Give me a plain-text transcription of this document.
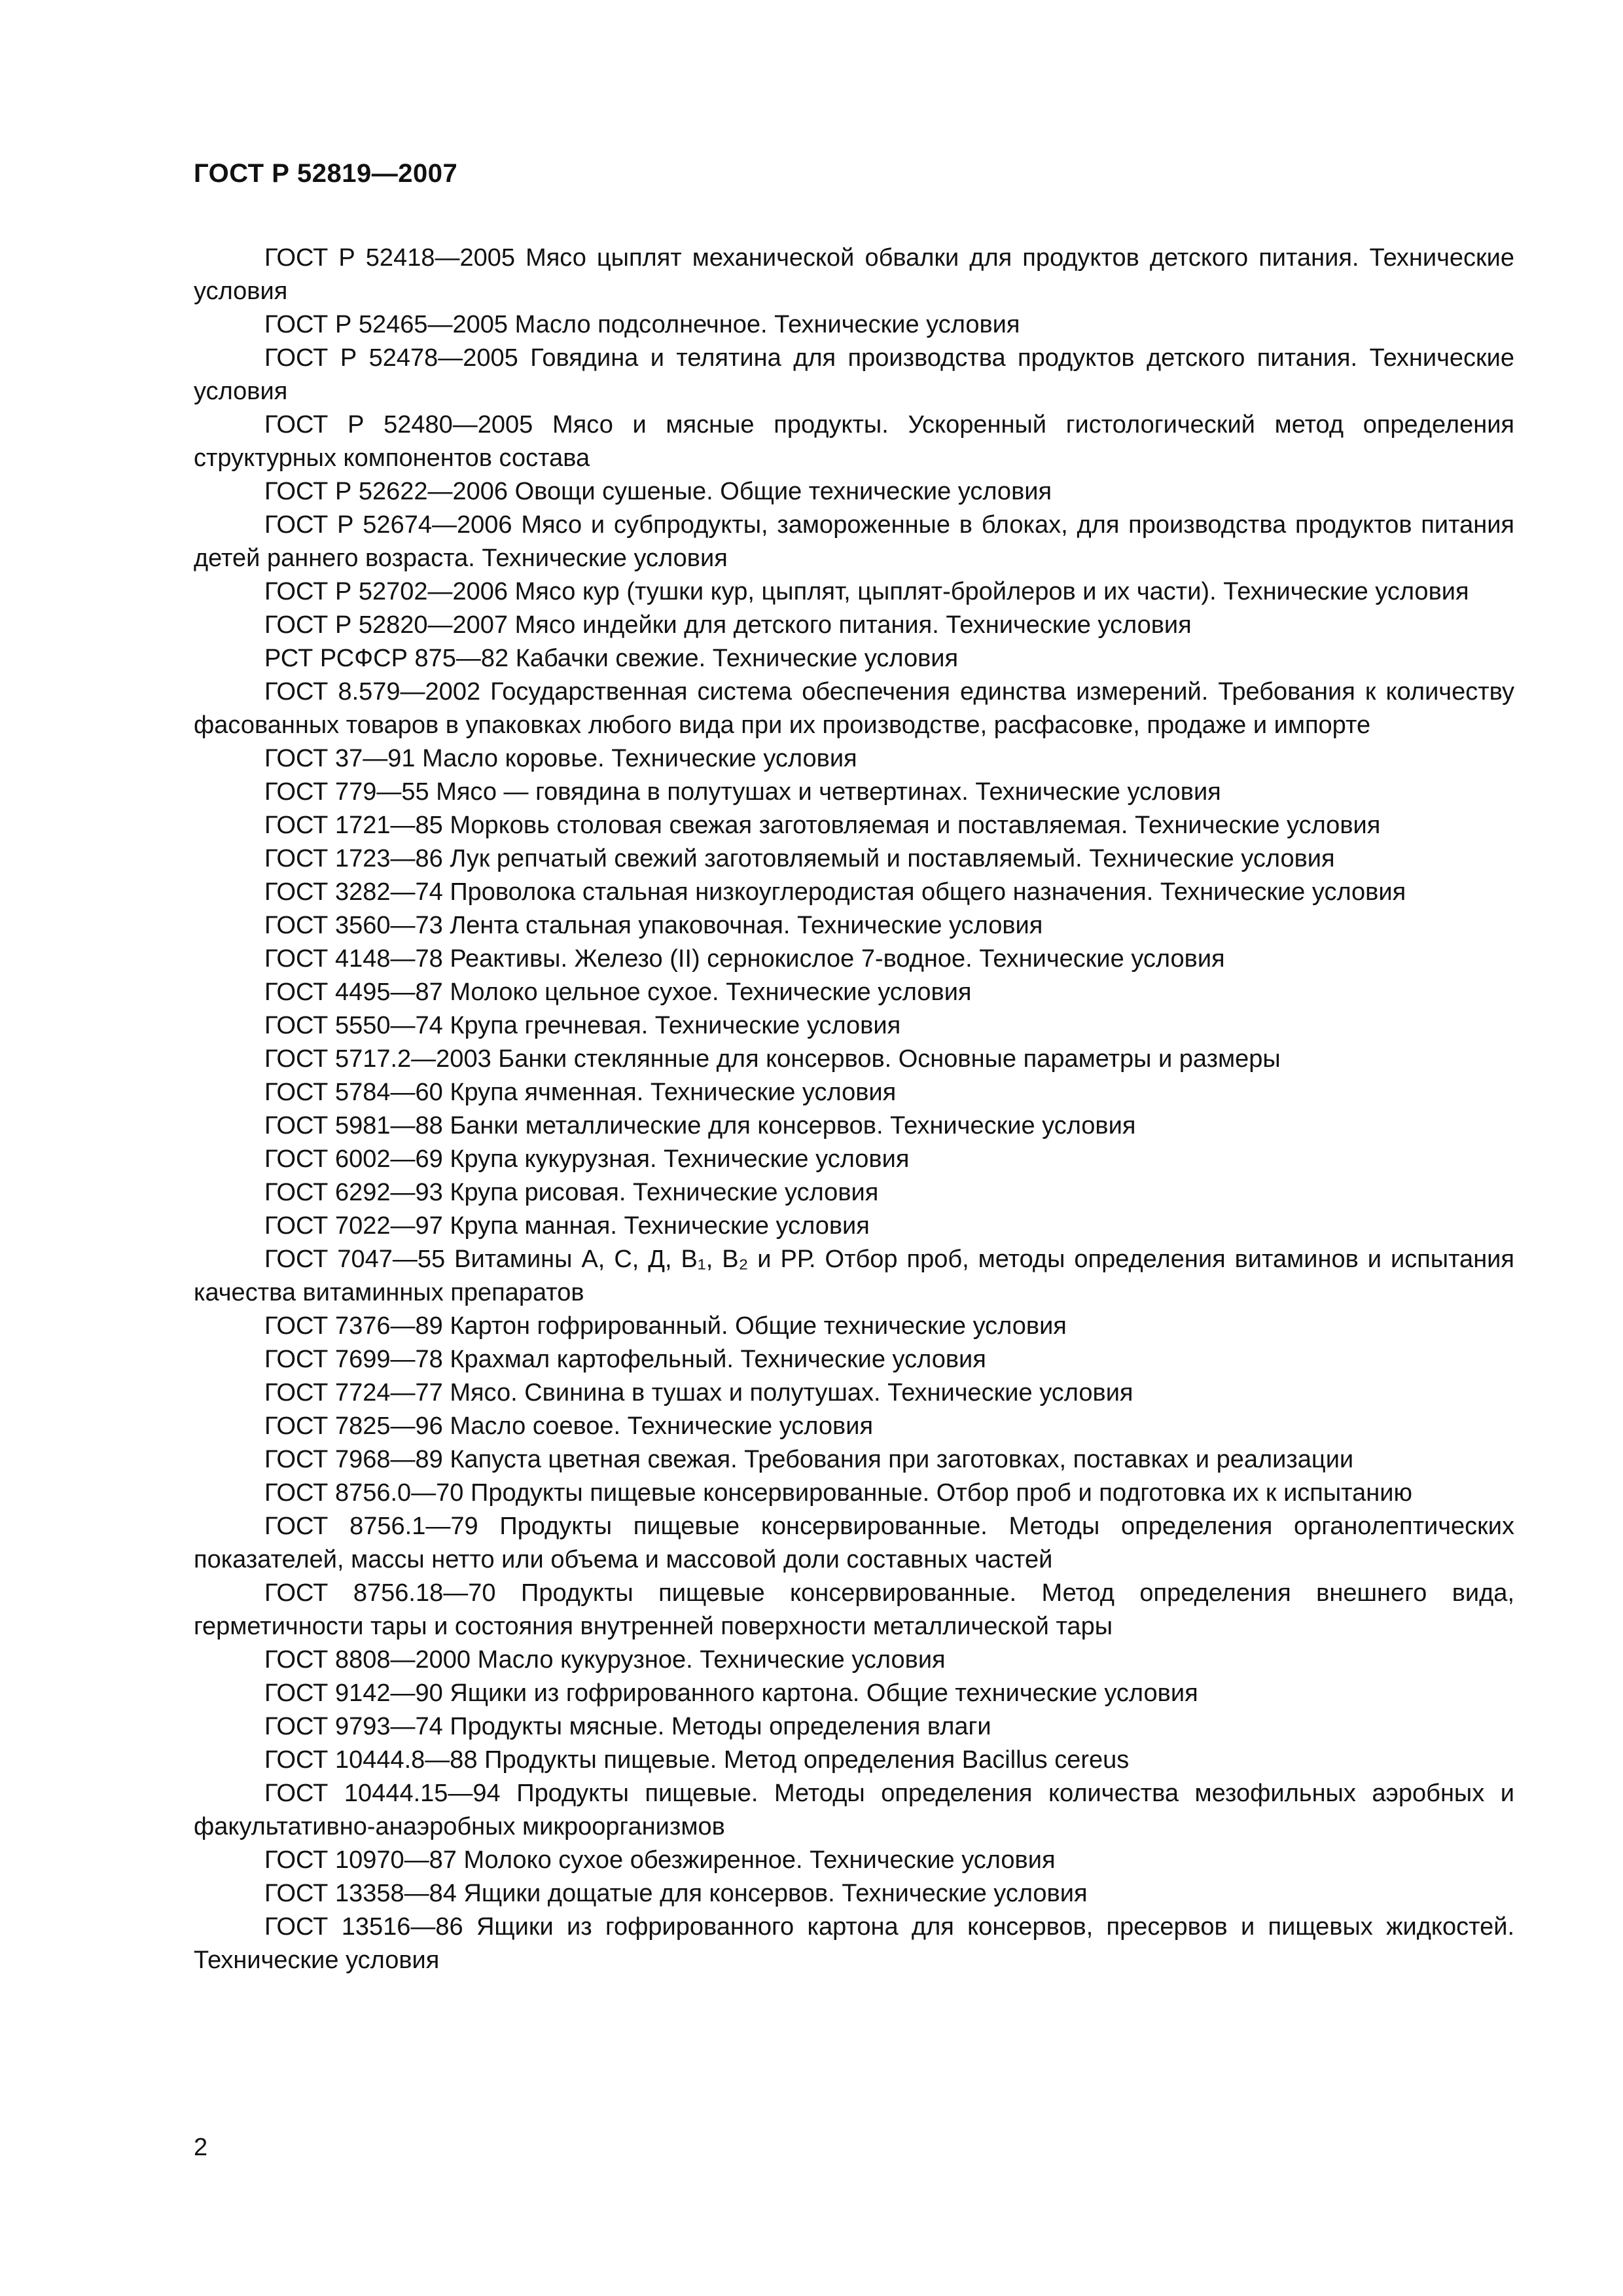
ГОСТ Р 52819—2007

ГОСТ Р 52418—2005 Мясо цыплят механической обвалки для продуктов детского питания. Технические условия

ГОСТ Р 52465—2005 Масло подсолнечное. Технические условия

ГОСТ Р 52478—2005 Говядина и телятина для производства продуктов детского питания. Технические условия

ГОСТ Р 52480—2005 Мясо и мясные продукты. Ускоренный гистологический метод определения структурных компонентов состава

ГОСТ Р 52622—2006 Овощи сушеные. Общие технические условия

ГОСТ Р 52674—2006 Мясо и субпродукты, замороженные в блоках, для производства продуктов питания детей раннего возраста. Технические условия

ГОСТ Р 52702—2006 Мясо кур (тушки кур, цыплят, цыплят-бройлеров и их части). Технические условия

ГОСТ Р 52820—2007 Мясо индейки для детского питания. Технические условия

РСТ РСФСР 875—82 Кабачки свежие. Технические условия

ГОСТ 8.579—2002 Государственная система обеспечения единства измерений. Требования к количеству фасованных товаров в упаковках любого вида при их производстве, расфасовке, продаже и импорте

ГОСТ 37—91 Масло коровье. Технические условия

ГОСТ 779—55 Мясо — говядина в полутушах и четвертинах. Технические условия

ГОСТ 1721—85 Морковь столовая свежая заготовляемая и поставляемая. Технические условия

ГОСТ 1723—86 Лук репчатый свежий заготовляемый и поставляемый. Технические условия

ГОСТ 3282—74 Проволока стальная низкоуглеродистая общего назначения. Технические условия

ГОСТ 3560—73 Лента стальная упаковочная. Технические условия

ГОСТ 4148—78 Реактивы. Железо (II) сернокислое 7-водное. Технические условия

ГОСТ 4495—87 Молоко цельное сухое. Технические условия

ГОСТ 5550—74 Крупа гречневая. Технические условия

ГОСТ 5717.2—2003 Банки стеклянные для консервов. Основные параметры и размеры

ГОСТ 5784—60 Крупа ячменная. Технические условия

ГОСТ 5981—88 Банки металлические для консервов. Технические условия

ГОСТ 6002—69 Крупа кукурузная. Технические условия

ГОСТ 6292—93 Крупа рисовая. Технические условия

ГОСТ 7022—97 Крупа манная. Технические условия

ГОСТ 7047—55 Витамины А, С, Д, В₁, В₂ и РР. Отбор проб, методы определения витаминов и испытания качества витаминных препаратов

ГОСТ 7376—89 Картон гофрированный. Общие технические условия

ГОСТ 7699—78 Крахмал картофельный. Технические условия

ГОСТ 7724—77 Мясо. Свинина в тушах и полутушах. Технические условия

ГОСТ 7825—96 Масло соевое. Технические условия

ГОСТ 7968—89 Капуста цветная свежая. Требования при заготовках, поставках и реализации

ГОСТ 8756.0—70 Продукты пищевые консервированные. Отбор проб и подготовка их к испытанию

ГОСТ 8756.1—79 Продукты пищевые консервированные. Методы определения органолептических показателей, массы нетто или объема и массовой доли составных частей

ГОСТ 8756.18—70 Продукты пищевые консервированные. Метод определения внешнего вида, герметичности тары и состояния внутренней поверхности металлической тары

ГОСТ 8808—2000 Масло кукурузное. Технические условия

ГОСТ 9142—90 Ящики из гофрированного картона. Общие технические условия

ГОСТ 9793—74 Продукты мясные. Методы определения влаги

ГОСТ 10444.8—88 Продукты пищевые. Метод определения Bacillus cereus

ГОСТ 10444.15—94 Продукты пищевые. Методы определения количества мезофильных аэробных и факультативно-анаэробных микроорганизмов

ГОСТ 10970—87 Молоко сухое обезжиренное. Технические условия

ГОСТ 13358—84 Ящики дощатые для консервов. Технические условия

ГОСТ 13516—86 Ящики из гофрированного картона для консервов, пресервов и пищевых жидкостей. Технические условия

2
